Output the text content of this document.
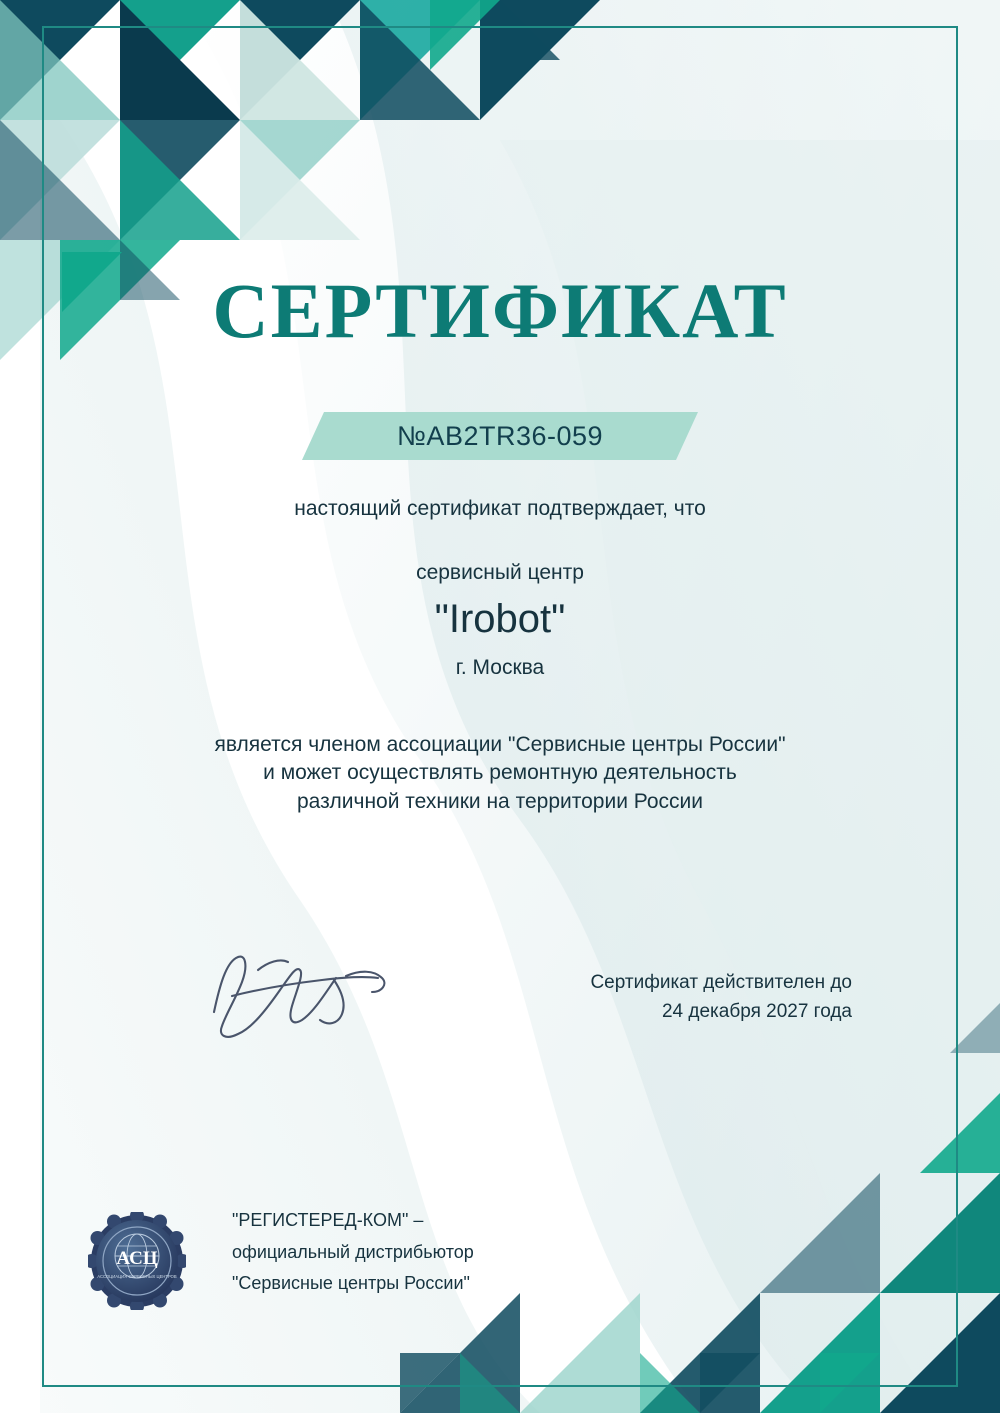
СЕРТИФИКАТ
№AB2TR36-059
настоящий сертификат подтверждает, что
сервисный центр
"Irobot"
г. Москва
является членом ассоциации "Сервисные центры России"
и может осуществлять ремонтную деятельность
различной техники на территории России
Сертификат действителен до
24 декабря 2027 года
АСЦ
АССОЦИАЦИЯ СЕРВИСНЫХ ЦЕНТРОВ
"РЕГИСТЕРЕД-КОМ" –
официальный дистрибьютор
"Сервисные центры России"
